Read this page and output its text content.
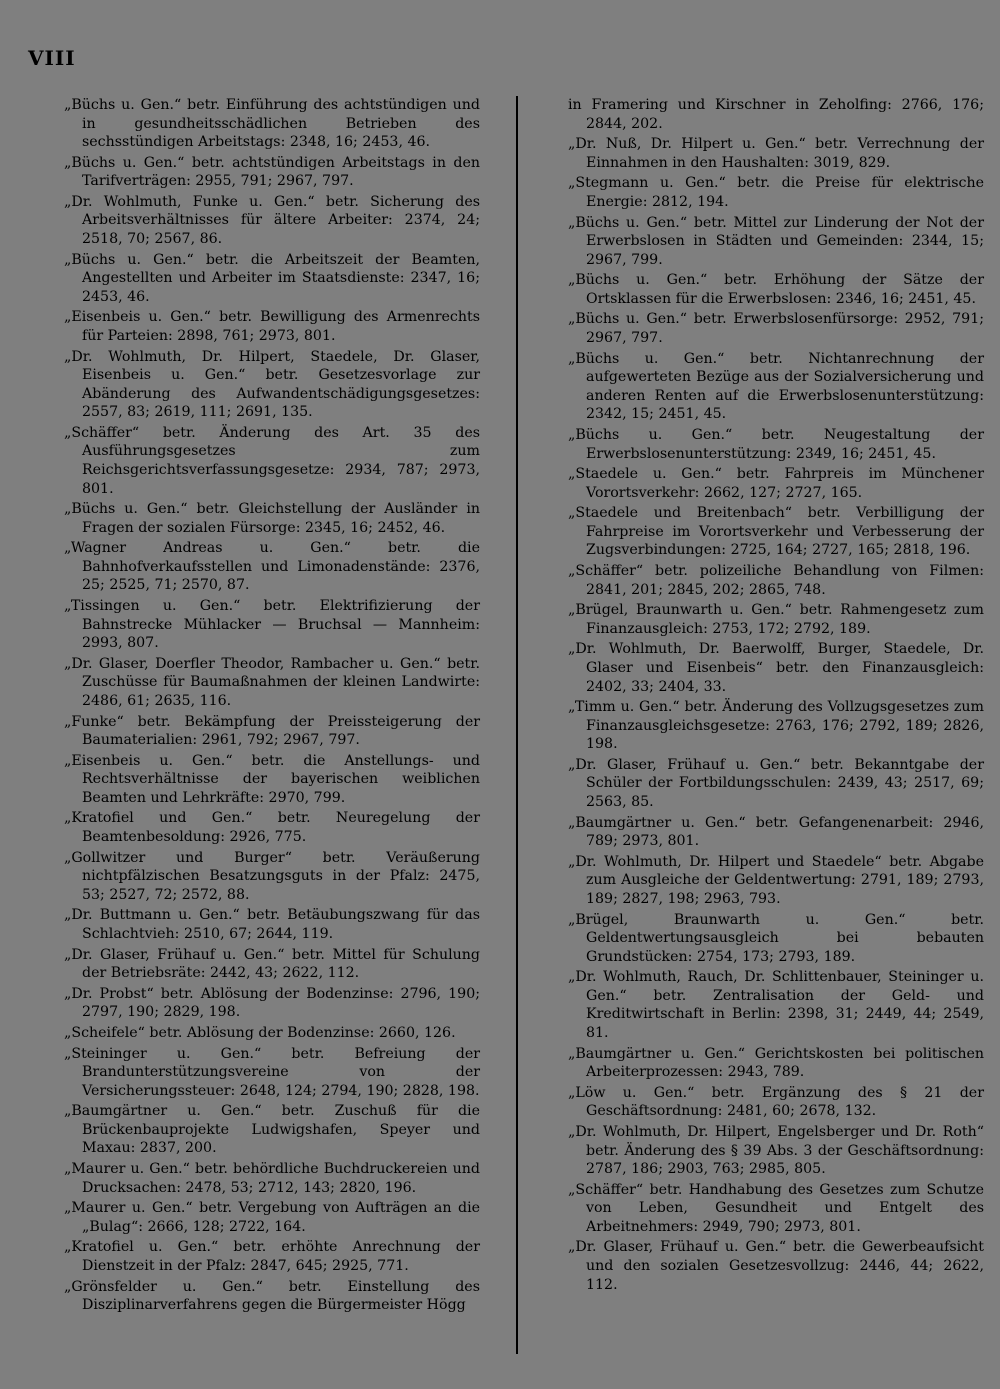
VIII

„Büchs u. Gen.“ betr. Einführung des achtstündigen und in gesundheitsschädlichen Betrieben des sechsstündigen Arbeitstags: 2348, 16; 2453, 46.

„Büchs u. Gen.“ betr. achtstündigen Arbeitstags in den Tarifverträgen: 2955, 791; 2967, 797.

„Dr. Wohlmuth, Funke u. Gen.“ betr. Sicherung des Arbeitsverhältnisses für ältere Arbeiter: 2374, 24; 2518, 70; 2567, 86.

„Büchs u. Gen.“ betr. die Arbeitszeit der Beamten, Angestellten und Arbeiter im Staatsdienste: 2347, 16; 2453, 46.

„Eisenbeis u. Gen.“ betr. Bewilligung des Armenrechts für Parteien: 2898, 761; 2973, 801.

„Dr. Wohlmuth, Dr. Hilpert, Staedele, Dr. Glaser, Eisenbeis u. Gen.“ betr. Gesetzesvorlage zur Abänderung des Aufwandentschädigungsgesetzes: 2557, 83; 2619, 111; 2691, 135.

„Schäffer“ betr. Änderung des Art. 35 des Ausführungsgesetzes zum Reichsgerichtsverfassungsgesetze: 2934, 787; 2973, 801.

„Büchs u. Gen.“ betr. Gleichstellung der Ausländer in Fragen der sozialen Fürsorge: 2345, 16; 2452, 46.

„Wagner Andreas u. Gen.“ betr. die Bahnhofverkaufsstellen und Limonadenstände: 2376, 25; 2525, 71; 2570, 87.

„Tissingen u. Gen.“ betr. Elektrifizierung der Bahnstrecke Mühlacker — Bruchsal — Mannheim: 2993, 807.

„Dr. Glaser, Doerfler Theodor, Rambacher u. Gen.“ betr. Zuschüsse für Baumaßnahmen der kleinen Landwirte: 2486, 61; 2635, 116.

„Funke“ betr. Bekämpfung der Preissteigerung der Baumaterialien: 2961, 792; 2967, 797.

„Eisenbeis u. Gen.“ betr. die Anstellungs- und Rechtsverhältnisse der bayerischen weiblichen Beamten und Lehrkräfte: 2970, 799.

„Kratofiel und Gen.“ betr. Neuregelung der Beamtenbesoldung: 2926, 775.

„Gollwitzer und Burger“ betr. Veräußerung nichtpfälzischen Besatzungsguts in der Pfalz: 2475, 53; 2527, 72; 2572, 88.

„Dr. Buttmann u. Gen.“ betr. Betäubungszwang für das Schlachtvieh: 2510, 67; 2644, 119.

„Dr. Glaser, Frühauf u. Gen.“ betr. Mittel für Schulung der Betriebsräte: 2442, 43; 2622, 112.

„Dr. Probst“ betr. Ablösung der Bodenzinse: 2796, 190; 2797, 190; 2829, 198.

„Scheifele“ betr. Ablösung der Bodenzinse: 2660, 126.

„Steininger u. Gen.“ betr. Befreiung der Brandunterstützungsvereine von der Versicherungssteuer: 2648, 124; 2794, 190; 2828, 198.

„Baumgärtner u. Gen.“ betr. Zuschuß für die Brückenbauprojekte Ludwigshafen, Speyer und Maxau: 2837, 200.

„Maurer u. Gen.“ betr. behördliche Buchdruckereien und Drucksachen: 2478, 53; 2712, 143; 2820, 196.

„Maurer u. Gen.“ betr. Vergebung von Aufträgen an die „Bulag“: 2666, 128; 2722, 164.

„Kratofiel u. Gen.“ betr. erhöhte Anrechnung der Dienstzeit in der Pfalz: 2847, 645; 2925, 771.

„Grönsfelder u. Gen.“ betr. Einstellung des Disziplinarverfahrens gegen die Bürgermeister Högg

in Framering und Kirschner in Zeholfing: 2766, 176; 2844, 202.

„Dr. Nuß, Dr. Hilpert u. Gen.“ betr. Verrechnung der Einnahmen in den Haushalten: 3019, 829.

„Stegmann u. Gen.“ betr. die Preise für elektrische Energie: 2812, 194.

„Büchs u. Gen.“ betr. Mittel zur Linderung der Not der Erwerbslosen in Städten und Gemeinden: 2344, 15; 2967, 799.

„Büchs u. Gen.“ betr. Erhöhung der Sätze der Ortsklassen für die Erwerbslosen: 2346, 16; 2451, 45.

„Büchs u. Gen.“ betr. Erwerbslosenfürsorge: 2952, 791; 2967, 797.

„Büchs u. Gen.“ betr. Nichtanrechnung der aufgewerteten Bezüge aus der Sozialversicherung und anderen Renten auf die Erwerbslosenunterstützung: 2342, 15; 2451, 45.

„Büchs u. Gen.“ betr. Neugestaltung der Erwerbslosenunterstützung: 2349, 16; 2451, 45.

„Staedele u. Gen.“ betr. Fahrpreis im Münchener Vorortsverkehr: 2662, 127; 2727, 165.

„Staedele und Breitenbach“ betr. Verbilligung der Fahrpreise im Vorortsverkehr und Verbesserung der Zugsverbindungen: 2725, 164; 2727, 165; 2818, 196.

„Schäffer“ betr. polizeiliche Behandlung von Filmen: 2841, 201; 2845, 202; 2865, 748.

„Brügel, Braunwarth u. Gen.“ betr. Rahmengesetz zum Finanzausgleich: 2753, 172; 2792, 189.

„Dr. Wohlmuth, Dr. Baerwolff, Burger, Staedele, Dr. Glaser und Eisenbeis“ betr. den Finanzausgleich: 2402, 33; 2404, 33.

„Timm u. Gen.“ betr. Änderung des Vollzugsgesetzes zum Finanzausgleichsgesetze: 2763, 176; 2792, 189; 2826, 198.

„Dr. Glaser, Frühauf u. Gen.“ betr. Bekanntgabe der Schüler der Fortbildungsschulen: 2439, 43; 2517, 69; 2563, 85.

„Baumgärtner u. Gen.“ betr. Gefangenenarbeit: 2946, 789; 2973, 801.

„Dr. Wohlmuth, Dr. Hilpert und Staedele“ betr. Abgabe zum Ausgleiche der Geldentwertung: 2791, 189; 2793, 189; 2827, 198; 2963, 793.

„Brügel, Braunwarth u. Gen.“ betr. Geldentwertungsausgleich bei bebauten Grundstücken: 2754, 173; 2793, 189.

„Dr. Wohlmuth, Rauch, Dr. Schlittenbauer, Steininger u. Gen.“ betr. Zentralisation der Geld- und Kreditwirtschaft in Berlin: 2398, 31; 2449, 44; 2549, 81.

„Baumgärtner u. Gen.“ Gerichtskosten bei politischen Arbeiterprozessen: 2943, 789.

„Löw u. Gen.“ betr. Ergänzung des § 21 der Geschäftsordnung: 2481, 60; 2678, 132.

„Dr. Wohlmuth, Dr. Hilpert, Engelsberger und Dr. Roth“ betr. Änderung des § 39 Abs. 3 der Geschäftsordnung: 2787, 186; 2903, 763; 2985, 805.

„Schäffer“ betr. Handhabung des Gesetzes zum Schutze von Leben, Gesundheit und Entgelt des Arbeitnehmers: 2949, 790; 2973, 801.

„Dr. Glaser, Frühauf u. Gen.“ betr. die Gewerbeaufsicht und den sozialen Gesetzesvollzug: 2446, 44; 2622, 112.
